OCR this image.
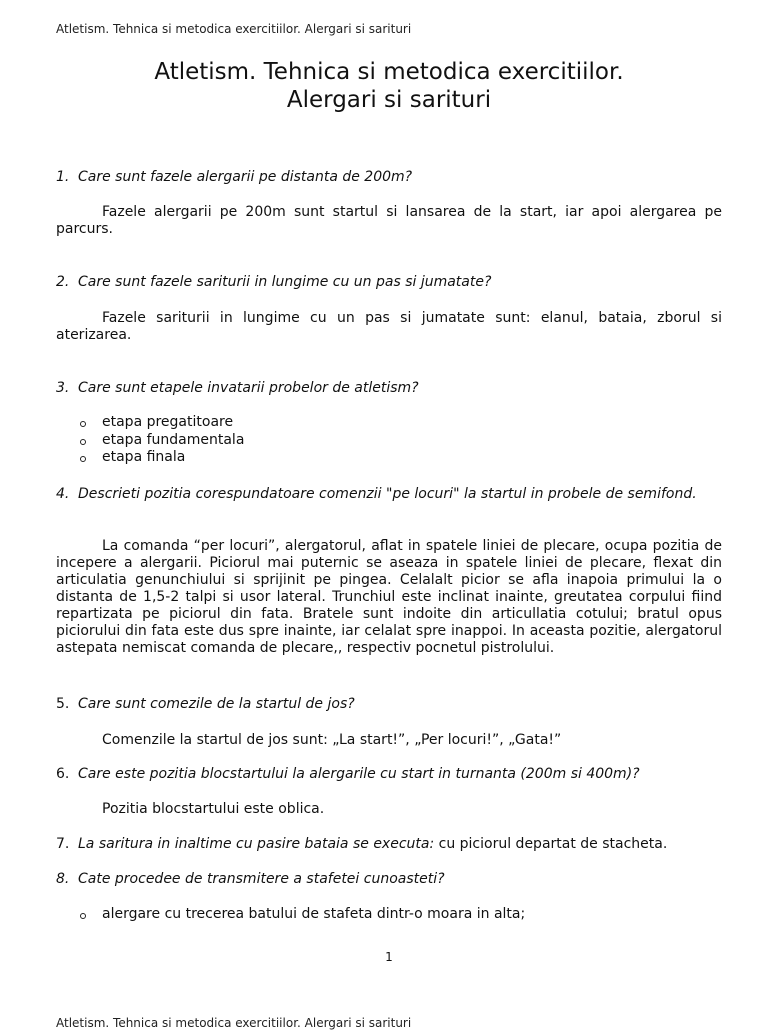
Atletism. Tehnica si metodica exercitiilor. Alergari si sarituri
Atletism. Tehnica si metodica exercitiilor.
Alergari si sarituri
1. Care sunt fazele alergarii pe distanta de 200m?
Fazele alergarii pe 200m sunt startul si lansarea de la start, iar apoi alergarea pe parcurs.
2. Care sunt fazele sariturii in lungime cu un pas si jumatate?
Fazele sariturii in lungime cu un pas si jumatate sunt: elanul, bataia, zborul si aterizarea.
3. Care sunt etapele invatarii probelor de atletism?
etapa pregatitoare
etapa fundamentala
etapa finala
4. Descrieti pozitia corespundatoare comenzii "pe locuri" la startul in probele de semifond.
La comanda “per locuri”, alergatorul, aflat in spatele liniei de plecare, ocupa pozitia de incepere a alergarii. Piciorul mai puternic se aseaza in spatele liniei de plecare, flexat din articulatia genunchiului si sprijinit pe pingea. Celalalt picior se afla inapoia primului la o distanta de 1,5-2 talpi si usor lateral. Trunchiul este inclinat inainte, greutatea corpului fiind repartizata pe piciorul din fata. Bratele sunt indoite din articullatia cotului; bratul opus piciorului din fata este dus spre inainte, iar celalat spre inappoi. In aceasta pozitie, alergatorul astepata nemiscat comanda de plecare,, respectiv pocnetul pistrolului.
5. Care sunt comezile de la startul de jos?
Comenzile la startul de jos sunt: „La start!”, „Per locuri!”, „Gata!”
6. Care este pozitia blocstartului la alergarile cu start in turnanta (200m si 400m)?
Pozitia blocstartului este oblica.
7. La saritura in inaltime cu pasire bataia se executa: cu piciorul departat de stacheta.
8. Cate procedee de transmitere a stafetei cunoasteti?
alergare cu trecerea batului de stafeta dintr-o moara in alta;
1
Atletism. Tehnica si metodica exercitiilor. Alergari si sarituri
